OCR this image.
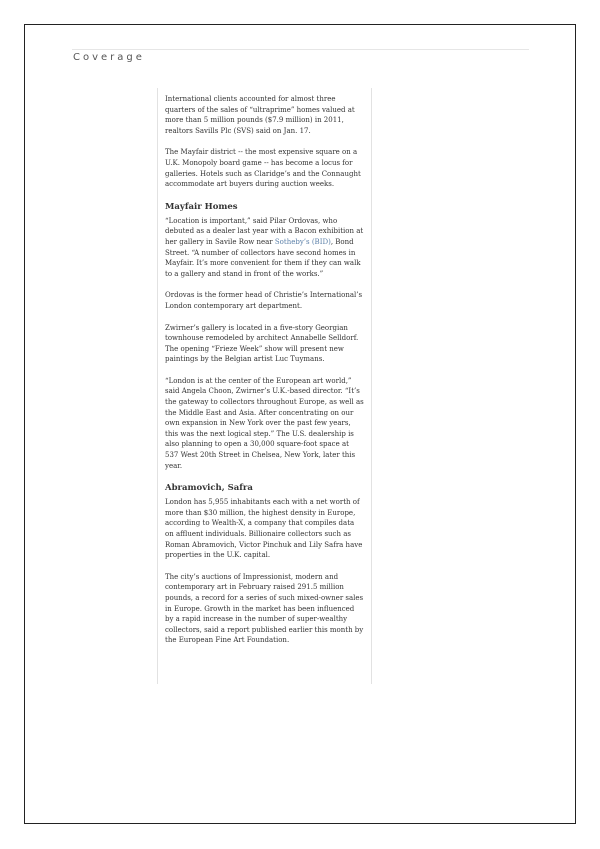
Coverage

International clients accounted for almost three quarters of the sales of “ultraprime” homes valued at more than 5 million pounds ($7.9 million) in 2011, realtors Savills Plc (SVS) said on Jan. 17.

The Mayfair district -- the most expensive square on a U.K. Monopoly board game -- has become a locus for galleries. Hotels such as Claridge’s and the Connaught accommodate art buyers during auction weeks.

Mayfair Homes

“Location is important,” said Pilar Ordovas, who debuted as a dealer last year with a Bacon exhibition at her gallery in Savile Row near Sotheby’s (BID), Bond Street. “A number of collectors have second homes in Mayfair. It’s more convenient for them if they can walk to a gallery and stand in front of the works.”

Ordovas is the former head of Christie’s International’s London contemporary art department.

Zwirner’s gallery is located in a five-story Georgian townhouse remodeled by architect Annabelle Selldorf. The opening “Frieze Week” show will present new paintings by the Belgian artist Luc Tuymans.

“London is at the center of the European art world,” said Angela Choon, Zwirner’s U.K.-based director. “It’s the gateway to collectors throughout Europe, as well as the Middle East and Asia. After concentrating on our own expansion in New York over the past few years, this was the next logical step.” The U.S. dealership is also planning to open a 30,000 square-foot space at 537 West 20th Street in Chelsea, New York, later this year.

Abramovich, Safra

London has 5,955 inhabitants each with a net worth of more than $30 million, the highest density in Europe, according to Wealth-X, a company that compiles data on affluent individuals. Billionaire collectors such as Roman Abramovich, Victor Pinchuk and Lily Safra have properties in the U.K. capital.

The city’s auctions of Impressionist, modern and contemporary art in February raised 291.5 million pounds, a record for a series of such mixed-owner sales in Europe. Growth in the market has been influenced by a rapid increase in the number of super-wealthy collectors, said a report published earlier this month by the European Fine Art Foundation.
